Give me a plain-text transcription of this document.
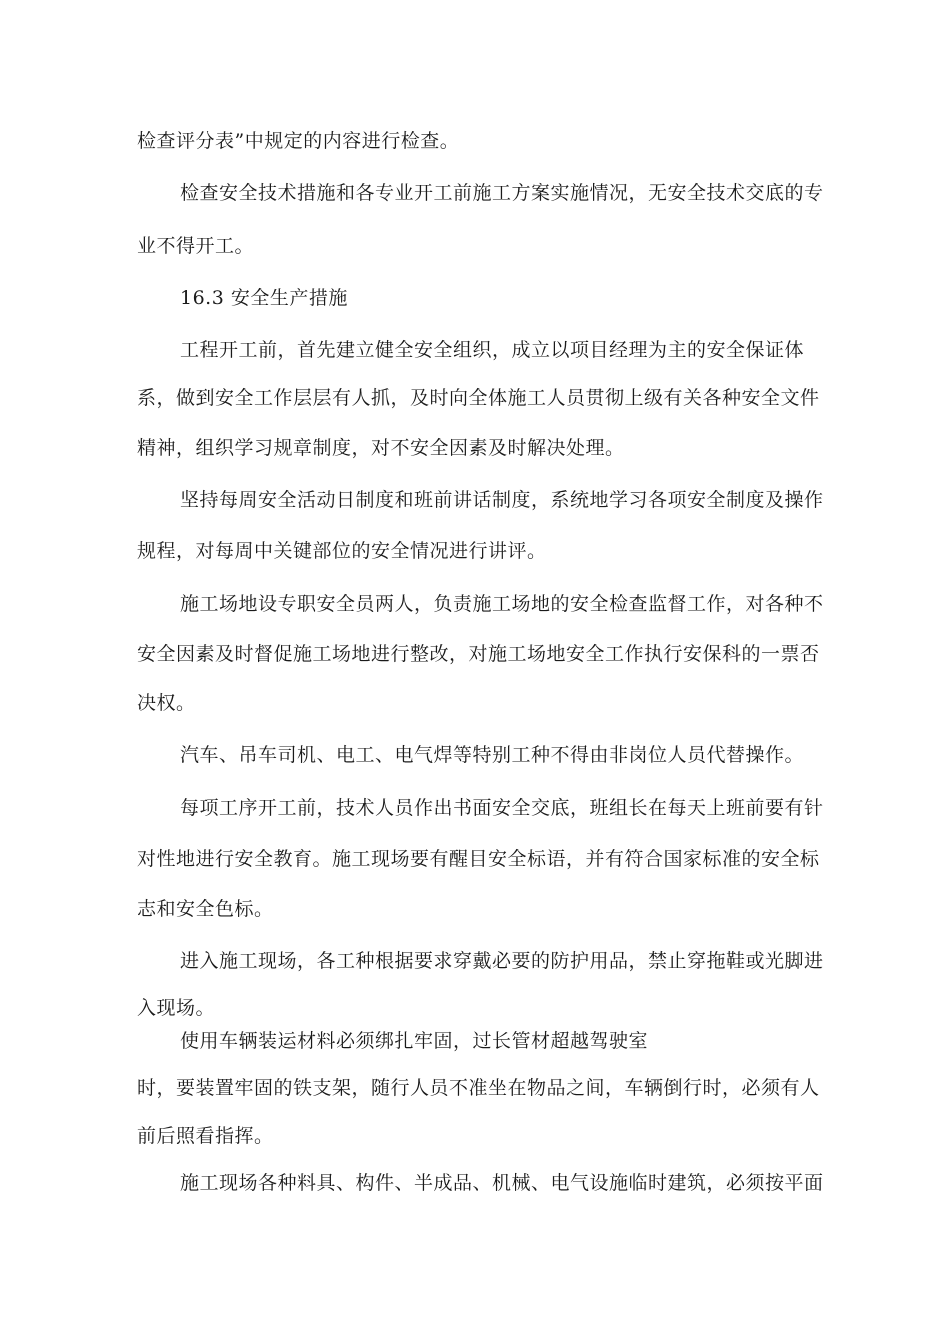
检查评分表”中规定的内容进行检查。
检查安全技术措施和各专业开工前施工方案实施情况，无安全技术交底的专
业不得开工。
16.3 安全生产措施
工程开工前，首先建立健全安全组织，成立以项目经理为主的安全保证体
系，做到安全工作层层有人抓，及时向全体施工人员贯彻上级有关各种安全文件
精神，组织学习规章制度，对不安全因素及时解决处理。
坚持每周安全活动日制度和班前讲话制度，系统地学习各项安全制度及操作
规程，对每周中关键部位的安全情况进行讲评。
施工场地设专职安全员两人，负责施工场地的安全检查监督工作，对各种不
安全因素及时督促施工场地进行整改，对施工场地安全工作执行安保科的一票否
决权。
汽车、吊车司机、电工、电气焊等特别工种不得由非岗位人员代替操作。
每项工序开工前，技术人员作出书面安全交底，班组长在每天上班前要有针
对性地进行安全教育。施工现场要有醒目安全标语，并有符合国家标准的安全标
志和安全色标。
进入施工现场，各工种根据要求穿戴必要的防护用品，禁止穿拖鞋或光脚进
入现场。
使用车辆装运材料必须绑扎牢固，过长管材超越驾驶室
时，要装置牢固的铁支架，随行人员不准坐在物品之间，车辆倒行时，必须有人
前后照看指挥。
施工现场各种料具、构件、半成品、机械、电气设施临时建筑，必须按平面
